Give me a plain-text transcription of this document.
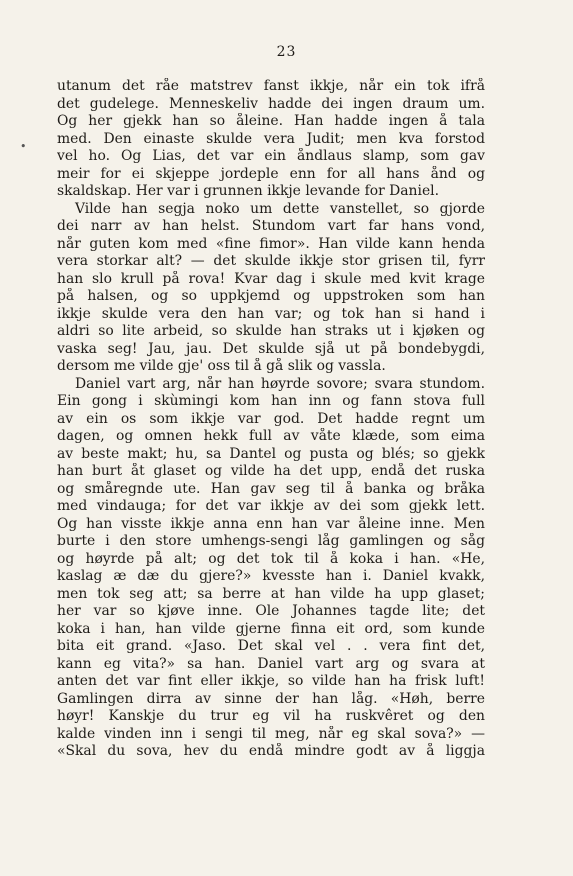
23
•
utanum det råe matstrev fanst ikkje, når ein tok ifrå
det gudelege. Menneskeliv hadde dei ingen draum um.
Og her gjekk han so åleine. Han hadde ingen å tala
med. Den einaste skulde vera Judit; men kva forstod
vel ho. Og Lias, det var ein åndlaus slamp, som gav
meir for ei skjeppe jordeple enn for all hans ånd og
skaldskap. Her var i grunnen ikkje levande for Daniel.
Vilde han segja noko um dette vanstellet, so gjorde
dei narr av han helst. Stundom vart far hans vond,
når guten kom med «fine fimor». Han vilde kann henda
vera storkar alt? — det skulde ikkje stor grisen til, fyrr
han slo krull på rova! Kvar dag i skule med kvit krage
på halsen, og so uppkjemd og uppstroken som han
ikkje skulde vera den han var; og tok han si hand i
aldri so lite arbeid, so skulde han straks ut i kjøken og
vaska seg! Jau, jau. Det skulde sjå ut på bondebygdi,
dersom me vilde gje' oss til å gå slik og vassla.
Daniel vart arg, når han høyrde sovore; svara stundom.
Ein gong i skùmingi kom han inn og fann stova full
av ein os som ikkje var god. Det hadde regnt um
dagen, og omnen hekk full av våte klæde, som eima
av beste makt; hu, sa Dantel og pusta og blés; so gjekk
han burt åt glaset og vilde ha det upp, endå det ruska
og småregnde ute. Han gav seg til å banka og bråka
med vindauga; for det var ikkje av dei som gjekk lett.
Og han visste ikkje anna enn han var åleine inne. Men
burte i den store umhengs-sengi låg gamlingen og såg
og høyrde på alt; og det tok til å koka i han. «He,
kaslag æ dæ du gjere?» kvesste han i. Daniel kvakk,
men tok seg att; sa berre at han vilde ha upp glaset;
her var so kjøve inne. Ole Johannes tagde lite; det
koka i han, han vilde gjerne finna eit ord, som kunde
bita eit grand. «Jaso. Det skal vel . . vera fint det,
kann eg vita?» sa han. Daniel vart arg og svara at
anten det var fint eller ikkje, so vilde han ha frisk luft!
Gamlingen dirra av sinne der han låg. «Høh, berre
høyr! Kanskje du trur eg vil ha ruskvêret og den
kalde vinden inn i sengi til meg, når eg skal sova?» —
«Skal du sova, hev du endå mindre godt av å liggja
